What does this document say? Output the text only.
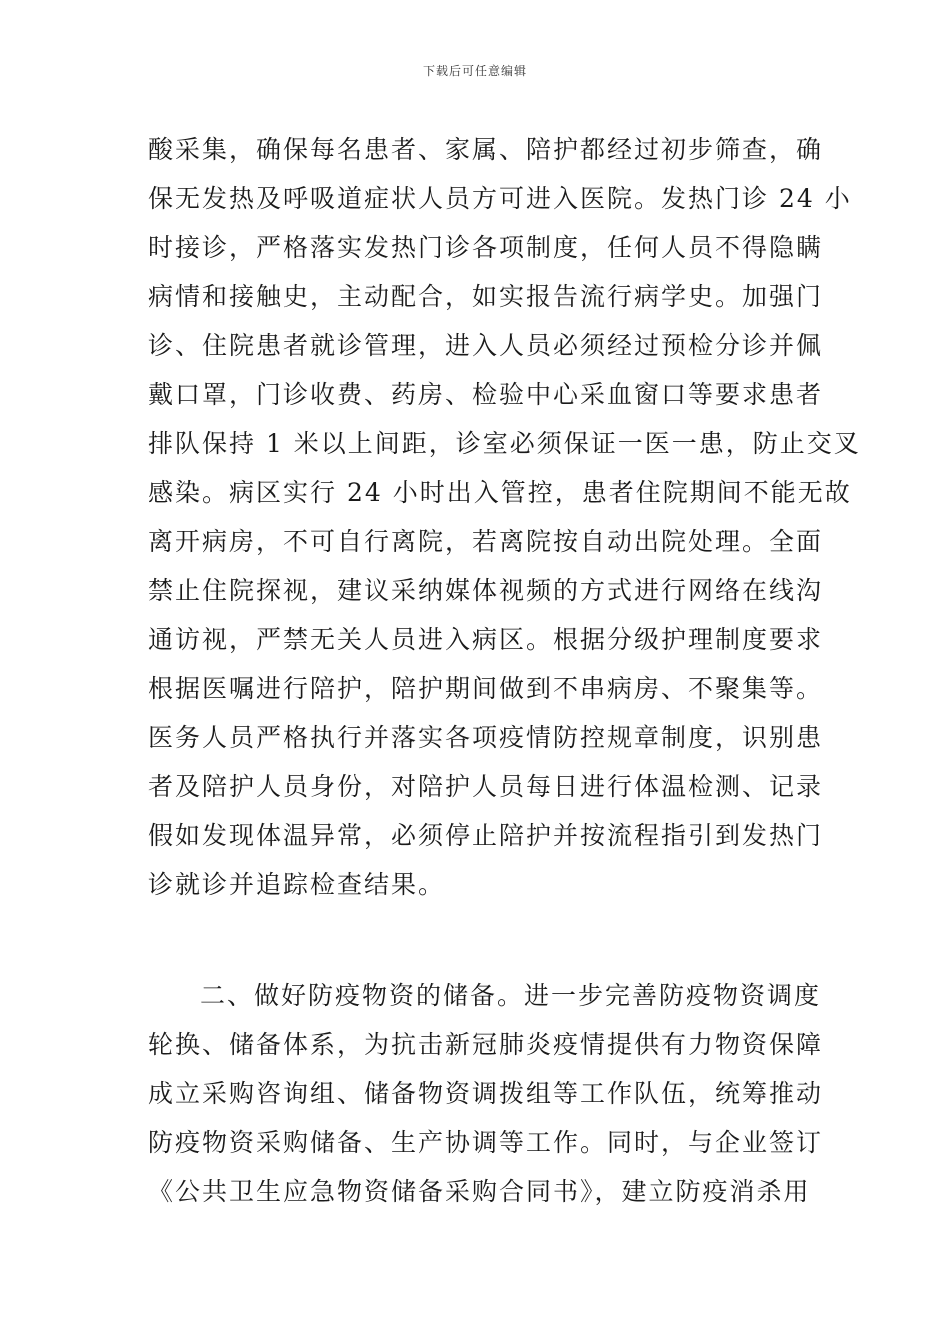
下载后可任意编辑
酸采集，确保每名患者、家属、陪护都经过初步筛查，确
保无发热及呼吸道症状人员方可进入医院。发热门诊 24 小
时接诊，严格落实发热门诊各项制度，任何人员不得隐瞒
病情和接触史，主动配合，如实报告流行病学史。加强门
诊、住院患者就诊管理，进入人员必须经过预检分诊并佩
戴口罩，门诊收费、药房、检验中心采血窗口等要求患者
排队保持 1 米以上间距，诊室必须保证一医一患，防止交叉
感染。病区实行 24 小时出入管控，患者住院期间不能无故
离开病房，不可自行离院，若离院按自动出院处理。全面
禁止住院探视，建议采纳媒体视频的方式进行网络在线沟
通访视，严禁无关人员进入病区。根据分级护理制度要求
根据医嘱进行陪护，陪护期间做到不串病房、不聚集等。
医务人员严格执行并落实各项疫情防控规章制度，识别患
者及陪护人员身份，对陪护人员每日进行体温检测、记录
假如发现体温异常，必须停止陪护并按流程指引到发热门
诊就诊并追踪检查结果。
二、做好防疫物资的储备。进一步完善防疫物资调度
轮换、储备体系，为抗击新冠肺炎疫情提供有力物资保障
成立采购咨询组、储备物资调拨组等工作队伍，统筹推动
防疫物资采购储备、生产协调等工作。同时，与企业签订
《公共卫生应急物资储备采购合同书》，建立防疫消杀用
